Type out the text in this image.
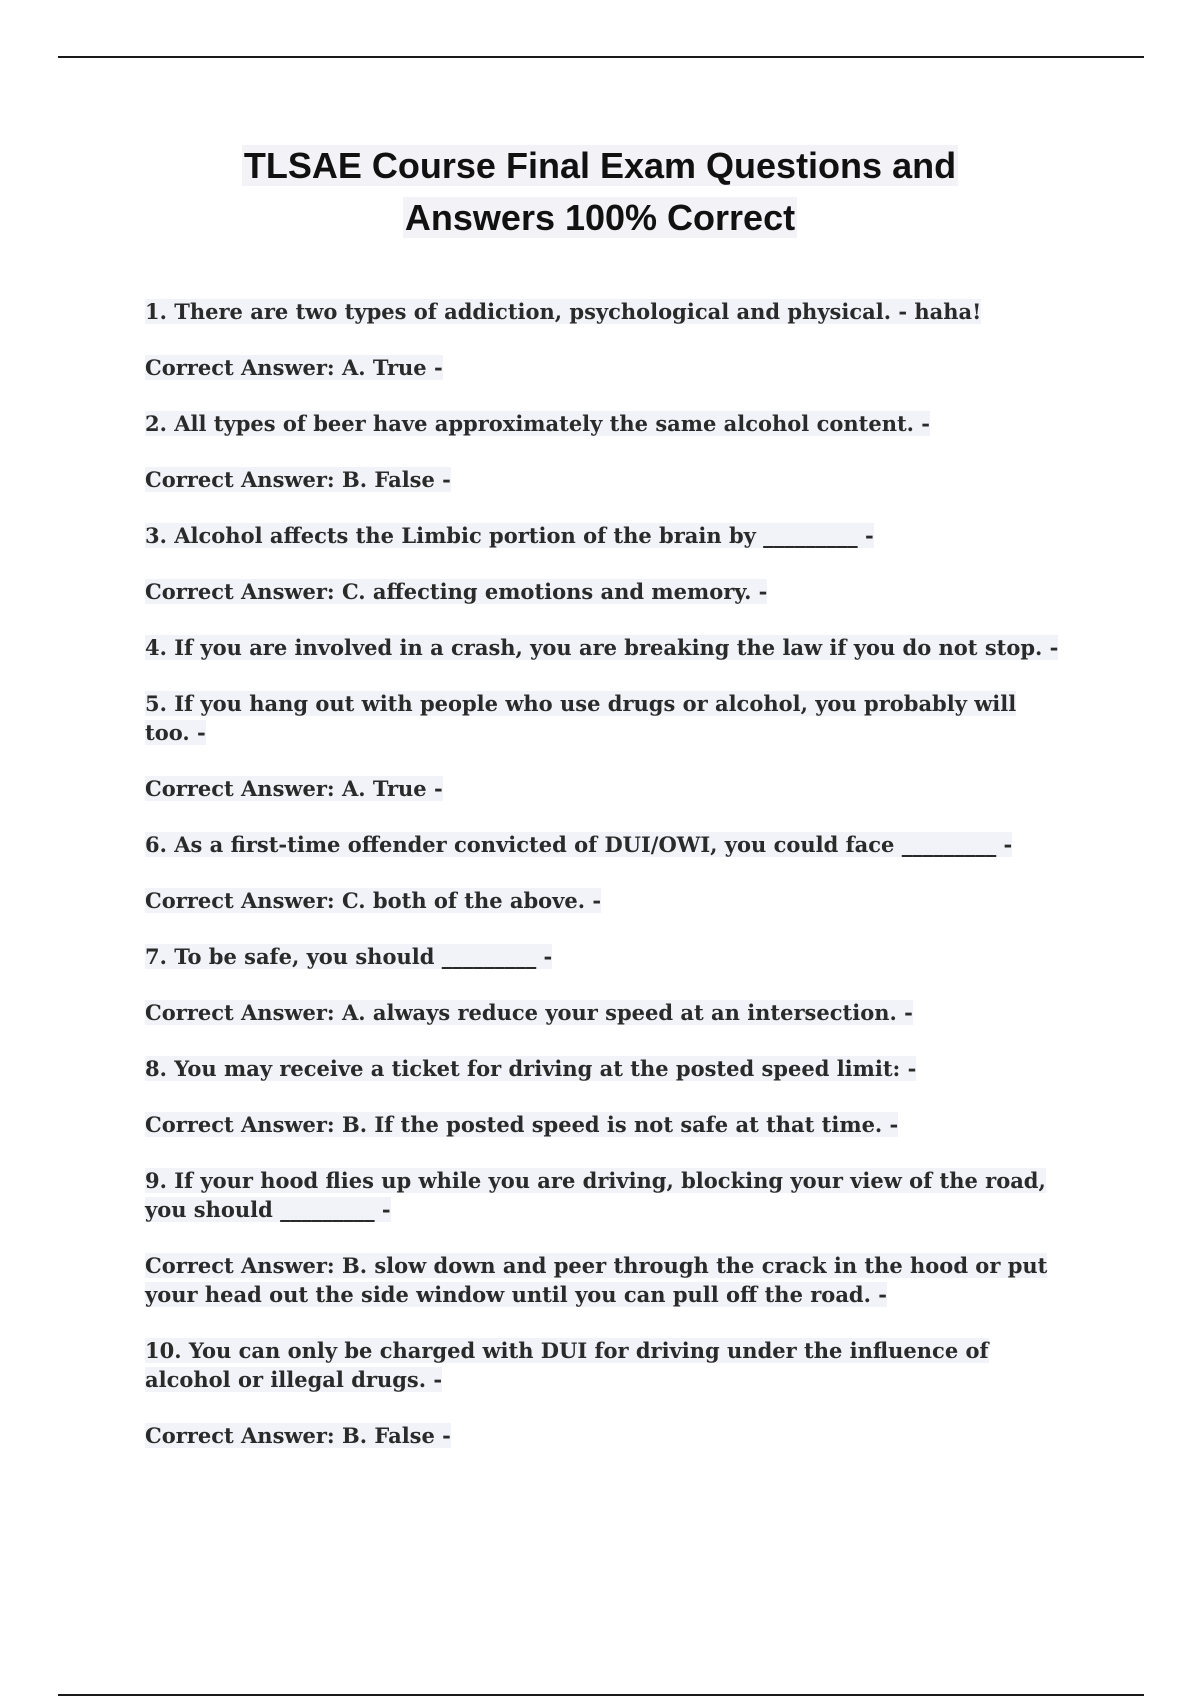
TLSAE Course Final Exam Questions and
Answers 100% Correct

1. There are two types of addiction, psychological and physical. - haha!

Correct Answer: A. True -

2. All types of beer have approximately the same alcohol content. -

Correct Answer: B. False -

3. Alcohol affects the Limbic portion of the brain by _________ -

Correct Answer: C. affecting emotions and memory. -

4. If you are involved in a crash, you are breaking the law if you do not stop. -

5. If you hang out with people who use drugs or alcohol, you probably will too. -

Correct Answer: A. True -

6. As a first-time offender convicted of DUI/OWI, you could face _________ -

Correct Answer: C. both of the above. -

7. To be safe, you should _________ -

Correct Answer: A. always reduce your speed at an intersection. -

8. You may receive a ticket for driving at the posted speed limit: -

Correct Answer: B. If the posted speed is not safe at that time. -

9. If your hood flies up while you are driving, blocking your view of the road, you should _________ -

Correct Answer: B. slow down and peer through the crack in the hood or put your head out the side window until you can pull off the road. -

10. You can only be charged with DUI for driving under the influence of alcohol or illegal drugs. -

Correct Answer: B. False -
